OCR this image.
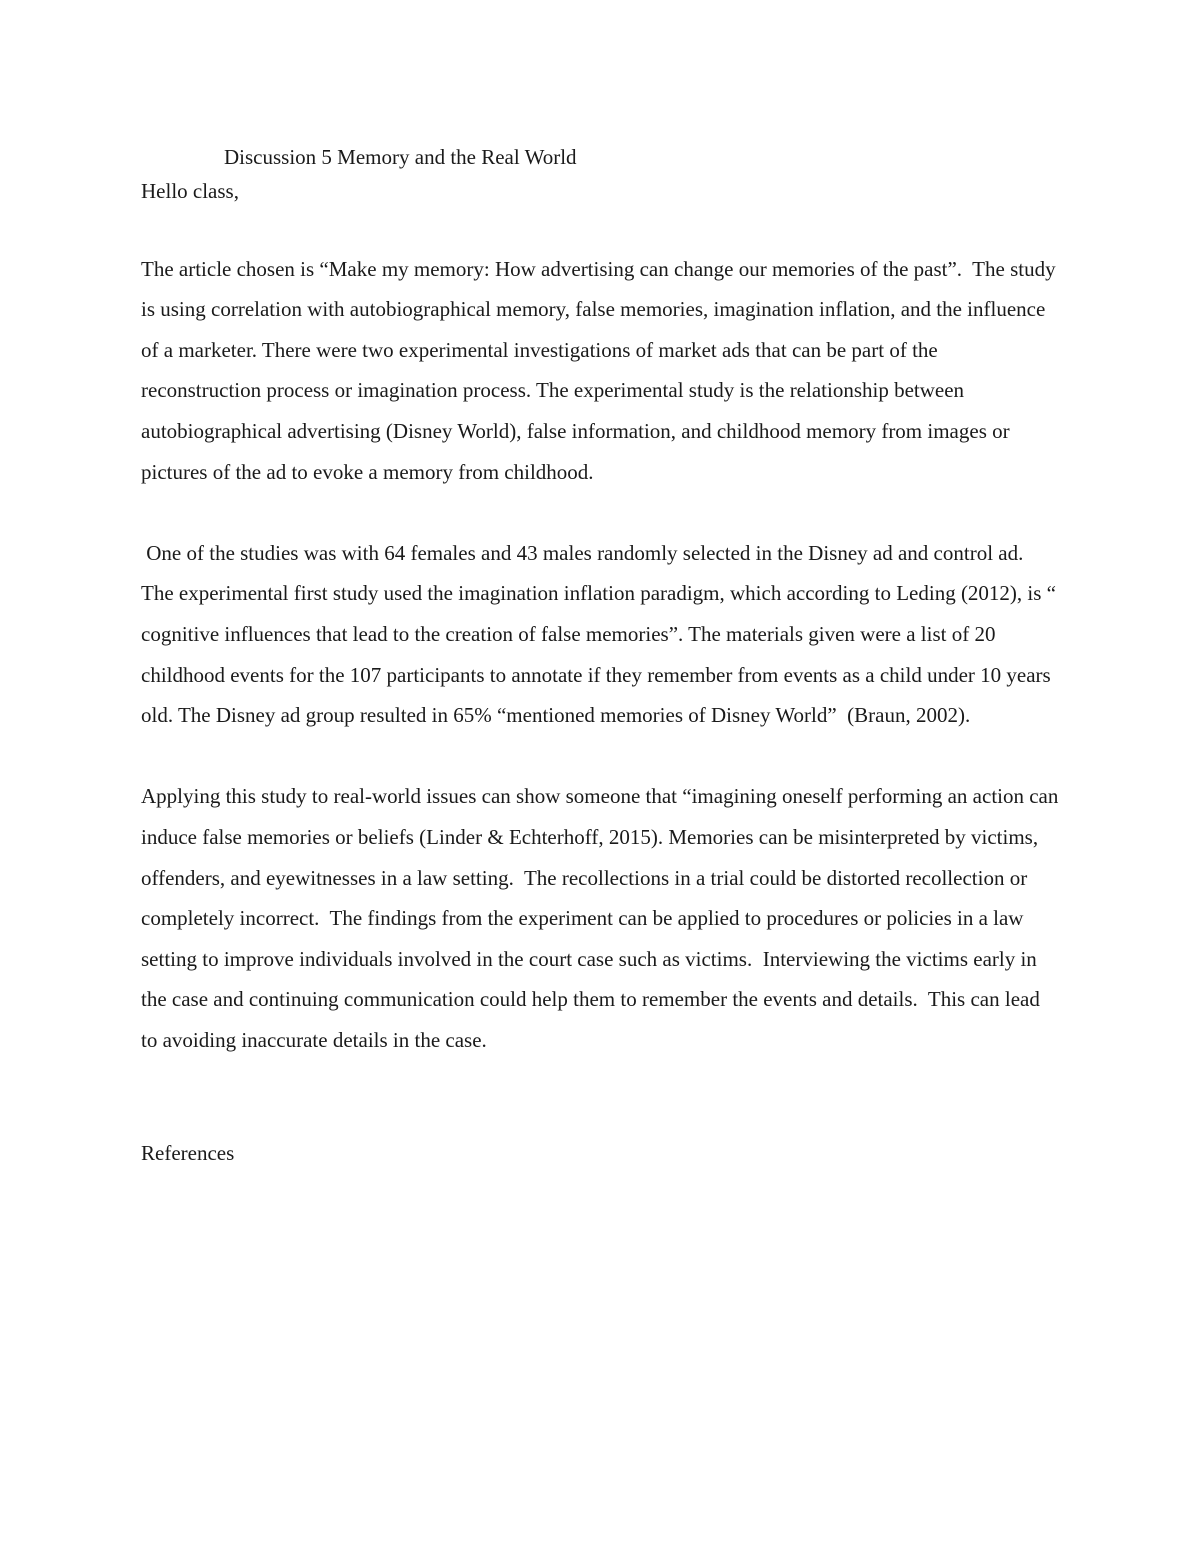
Discussion 5 Memory and the Real World

Hello class,

The article chosen is “Make my memory: How advertising can change our memories of the past”.  The study is using correlation with autobiographical memory, false memories, imagination inflation, and the influence of a marketer. There were two experimental investigations of market ads that can be part of the reconstruction process or imagination process. The experimental study is the relationship between autobiographical advertising (Disney World), false information, and childhood memory from images or pictures of the ad to evoke a memory from childhood.

One of the studies was with 64 females and 43 males randomly selected in the Disney ad and control ad.  The experimental first study used the imagination inflation paradigm, which according to Leding (2012), is “ cognitive influences that lead to the creation of false memories”. The materials given were a list of 20 childhood events for the 107 participants to annotate if they remember from events as a child under 10 years old. The Disney ad group resulted in 65% “mentioned memories of Disney World”  (Braun, 2002).

Applying this study to real-world issues can show someone that “imagining oneself performing an action can induce false memories or beliefs (Linder & Echterhoff, 2015). Memories can be misinterpreted by victims, offenders, and eyewitnesses in a law setting.  The recollections in a trial could be distorted recollection or completely incorrect.  The findings from the experiment can be applied to procedures or policies in a law setting to improve individuals involved in the court case such as victims.  Interviewing the victims early in the case and continuing communication could help them to remember the events and details.  This can lead to avoiding inaccurate details in the case.

References
